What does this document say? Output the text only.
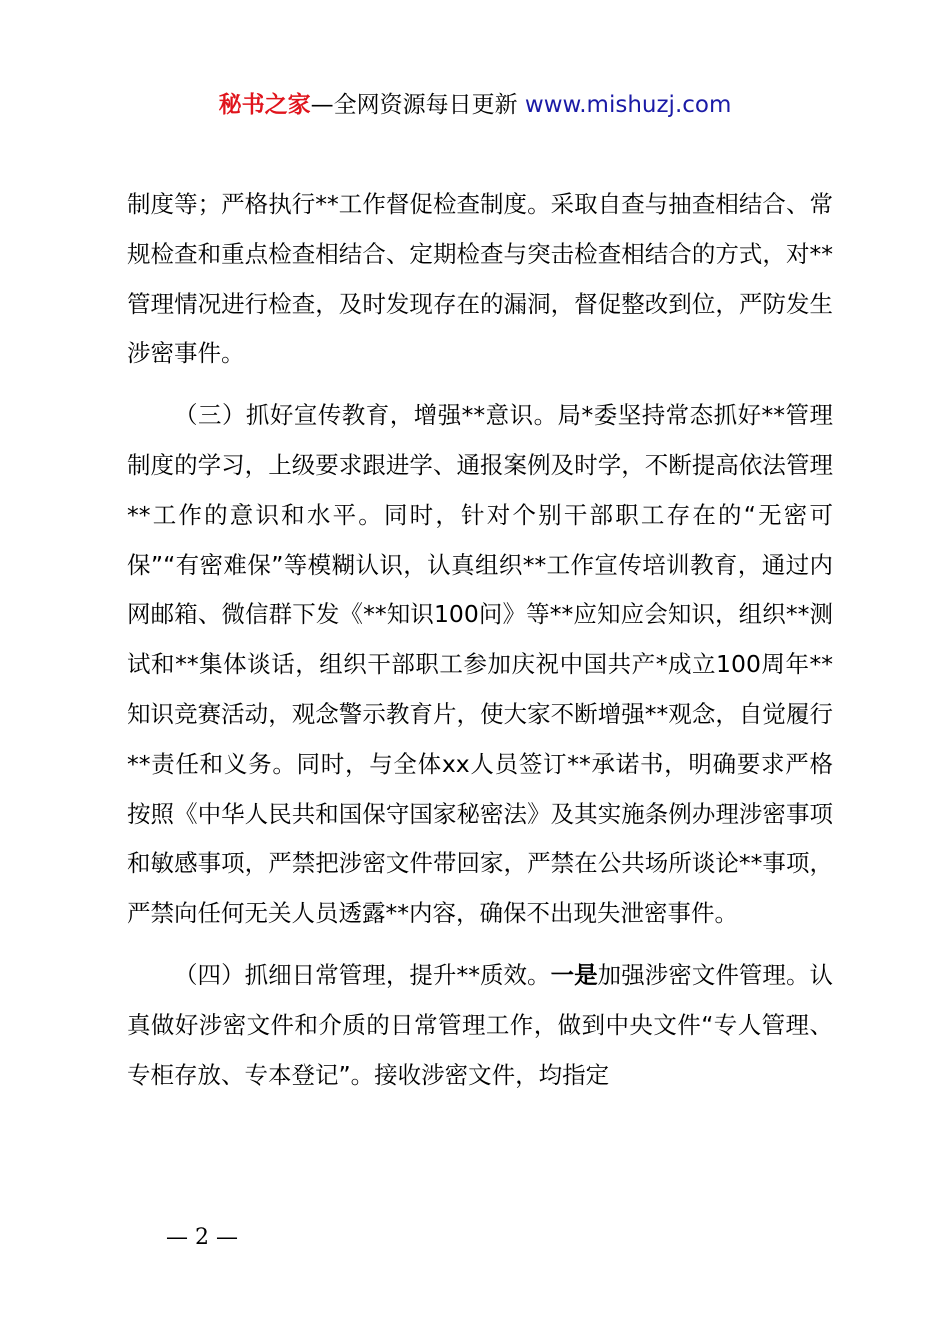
秘书之家—全网资源每日更新 www.mishuzj.com

制度等；严格执行**工作督促检查制度。采取自查与抽查相结合、常规检查和重点检查相结合、定期检查与突击检查相结合的方式，对**管理情况进行检查，及时发现存在的漏洞，督促整改到位，严防发生涉密事件。

（三）抓好宣传教育，增强**意识。局*委坚持常态抓好**管理制度的学习，上级要求跟进学、通报案例及时学，不断提高依法管理**工作的意识和水平。同时，针对个别干部职工存在的“无密可保”“有密难保”等模糊认识，认真组织**工作宣传培训教育，通过内网邮箱、微信群下发《**知识100问》等**应知应会知识，组织**测试和**集体谈话，组织干部职工参加庆祝中国共产*成立100周年**知识竞赛活动，观念警示教育片，使大家不断增强**观念，自觉履行**责任和义务。同时，与全体xx人员签订**承诺书，明确要求严格按照《中华人民共和国保守国家秘密法》及其实施条例办理涉密事项和敏感事项，严禁把涉密文件带回家，严禁在公共场所谈论**事项，严禁向任何无关人员透露**内容，确保不出现失泄密事件。

（四）抓细日常管理，提升**质效。一是加强涉密文件管理。认真做好涉密文件和介质的日常管理工作，做到中央文件“专人管理、专柜存放、专本登记”。接收涉密文件，均指定

— 2 —
